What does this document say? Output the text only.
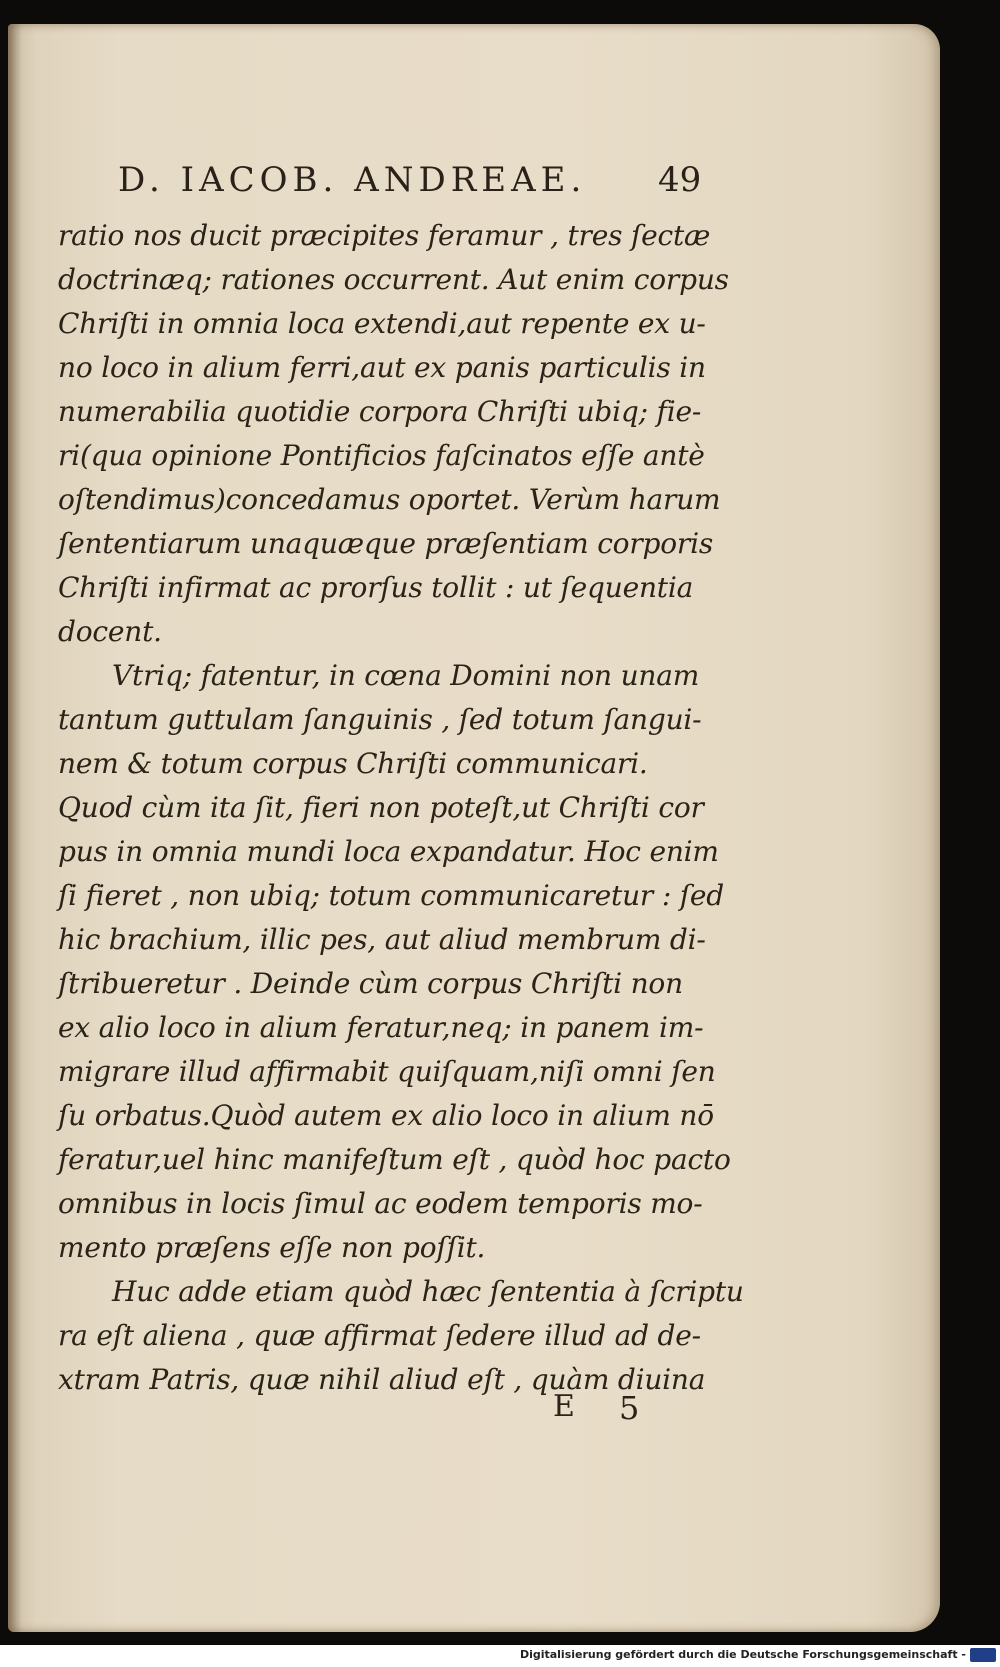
D. IACOB. ANDREAE. 49
ratio nos ducit præcipites feramur , tres ſectæ
doctrinæq; rationes occurrent. Aut enim corpus
Chriſti in omnia loca extendi,aut repente ex u-
no loco in alium ferri,aut ex panis particulis in
numerabilia quotidie corpora Chriſti ubiq; fie-
ri(qua opinione Pontificios faſcinatos eſſe antè
oſtendimus)concedamus oportet. Verùm harum
ſententiarum unaquæque præſentiam corporis
Chriſti infirmat ac prorſus tollit : ut ſequentia
docent.
Vtriq; fatentur, in cœna Domini non unam
tantum guttulam ſanguinis , ſed totum ſangui-
nem & totum corpus Chriſti communicari.
Quod cùm ita ſit, fieri non poteſt,ut Chriſti cor
pus in omnia mundi loca expandatur. Hoc enim
ſi fieret , non ubiq; totum communicaretur : ſed
hic brachium, illic pes, aut aliud membrum di-
ſtribueretur . Deinde cùm corpus Chriſti non
ex alio loco in alium feratur,neq; in panem im-
migrare illud affirmabit quiſquam,niſi omni ſen
ſu orbatus.Quòd autem ex alio loco in alium nō
feratur,uel hinc manifeſtum eſt , quòd hoc pacto
omnibus in locis ſimul ac eodem temporis mo-
mento præſens eſſe non poſſit.
Huc adde etiam quòd hæc ſententia à ſcriptu
ra eſt aliena , quæ affirmat ſedere illud ad de-
xtram Patris, quæ nihil aliud eſt , quàm diuina
E 5
Digitalisierung gefördert durch die Deutsche Forschungsgemeinschaft -
